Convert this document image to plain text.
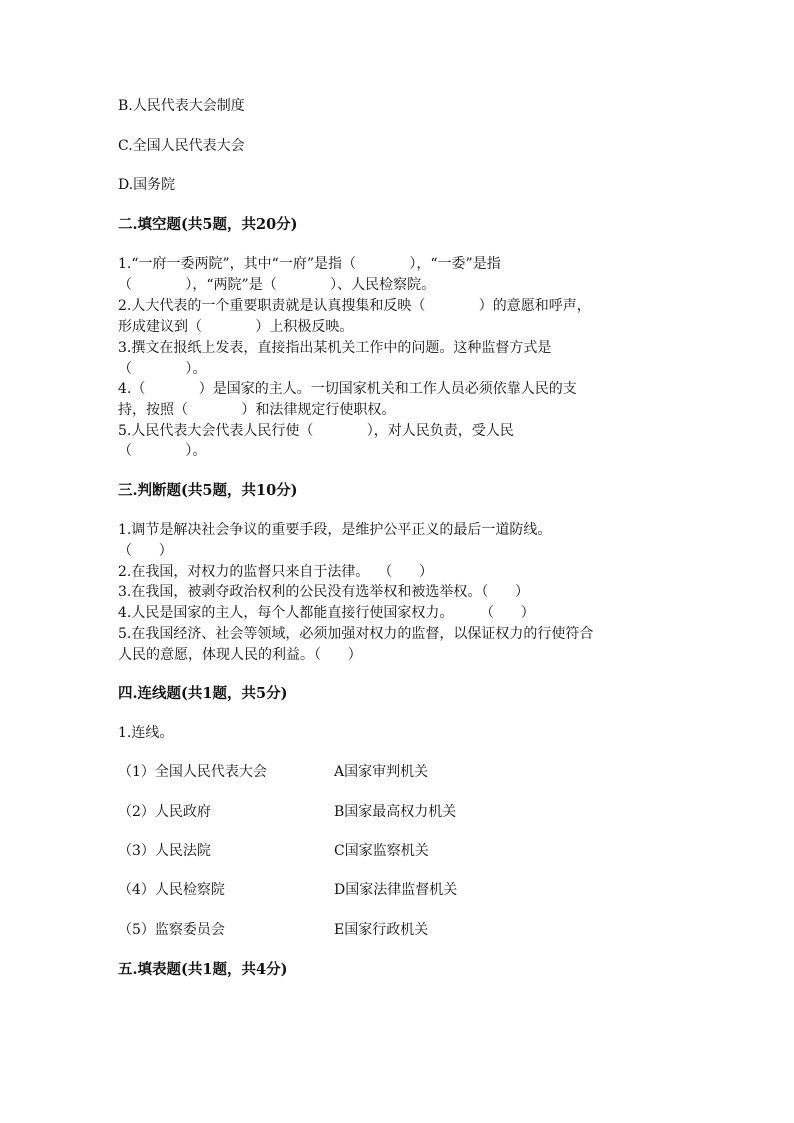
B.人民代表大会制度
C.全国人民代表大会
D.国务院
二.填空题(共5题，共20分)
1.“一府一委两院”，其中“一府”是指（            ），“一委”是指
（            ），“两院”是（            ）、人民检察院。
2.人大代表的一个重要职责就是认真搜集和反映（            ）的意愿和呼声，
形成建议到（            ）上积极反映。
3.撰文在报纸上发表，直接指出某机关工作中的问题。这种监督方式是
（            ）。
4.（            ）是国家的主人。一切国家机关和工作人员必须依靠人民的支
持，按照（            ）和法律规定行使职权。
5.人民代表大会代表人民行使（            ），对人民负责，受人民
（            ）。
三.判断题(共5题，共10分)
1.调节是解决社会争议的重要手段，是维护公平正义的最后一道防线。
（      ）
2.在我国，对权力的监督只来自于法律。  （      ）
3.在我国，被剥夺政治权利的公民没有选举权和被选举权。（      ）
4.人民是国家的主人，每个人都能直接行使国家权力。      （      ）
5.在我国经济、社会等领域，必须加强对权力的监督，以保证权力的行使符合
人民的意愿，体现人民的利益。（      ）
四.连线题(共1题，共5分)
1.连线。
（1）全国人民代表大会	A国家审判机关
（2）人民政府	B国家最高权力机关
（3）人民法院	C国家监察机关
（4）人民检察院	D国家法律监督机关
（5）监察委员会	E国家行政机关
五.填表题(共1题，共4分)
